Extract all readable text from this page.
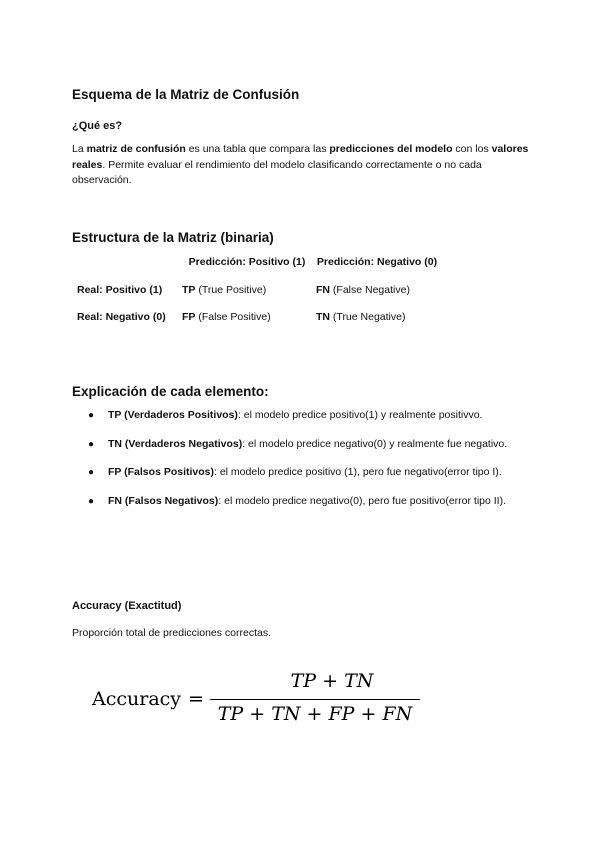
Esquema de la Matriz de Confusión
¿Qué es?
La matriz de confusión es una tabla que compara las predicciones del modelo con los valores reales. Permite evaluar el rendimiento del modelo clasificando correctamente o no cada observación.
Estructura de la Matriz (binaria)
	Predicción: Positivo (1)	Predicción: Negativo (0)
Real: Positivo (1)	TP (True Positive)	FN (False Negative)
Real: Negativo (0)	FP (False Positive)	TN (True Negative)
Explicación de cada elemento:
● TP (Verdaderos Positivos): el modelo predice positivo(1) y realmente positivvo.
● TN (Verdaderos Negativos): el modelo predice negativo(0) y realmente fue negativo.
● FP (Falsos Positivos): el modelo predice positivo (1), pero fue negativo(error tipo I).
● FN (Falsos Negativos): el modelo predice negativo(0), pero fue positivo(error tipo II).
Accuracy (Exactitud)
Proporción total de predicciones correctas.
Accuracy =
TP + TN
TP + TN + FP + FN
